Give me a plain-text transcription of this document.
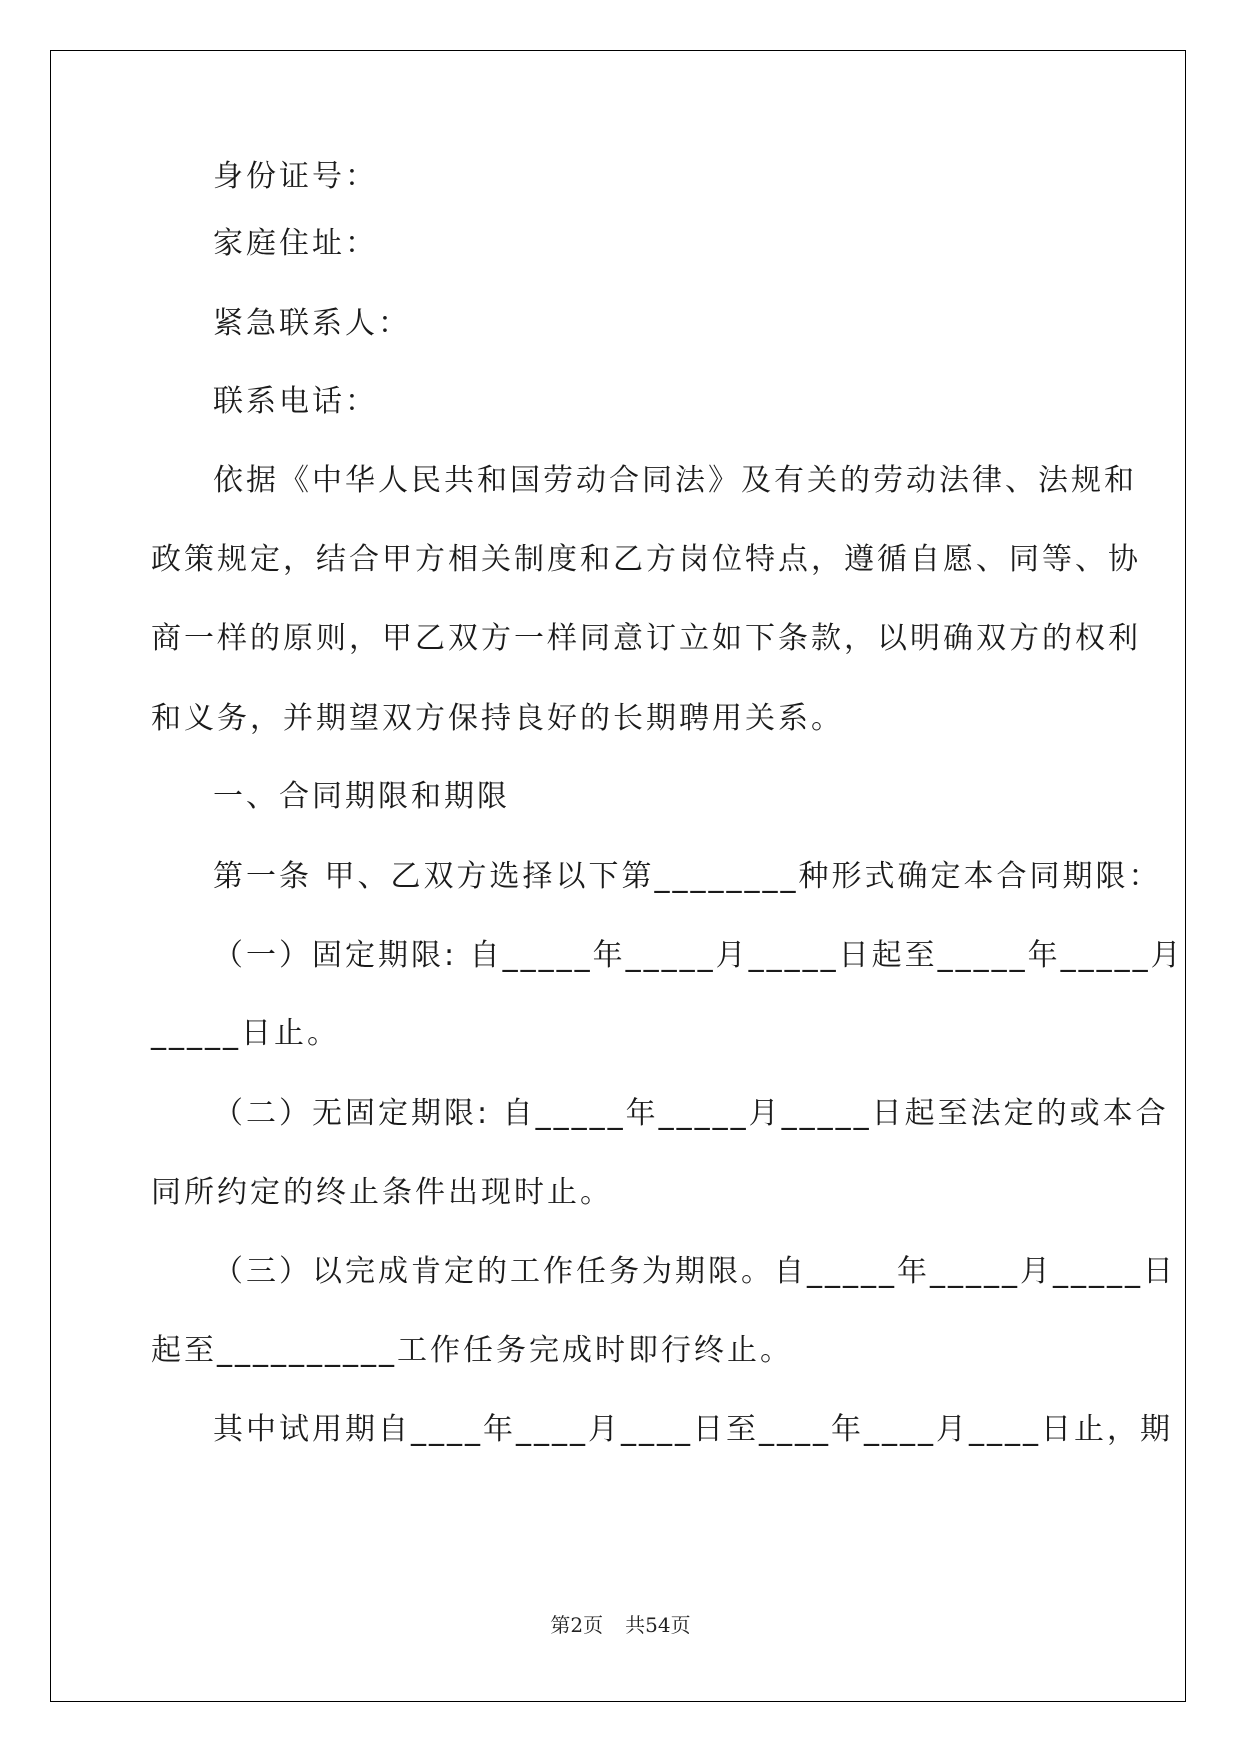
身份证号：
家庭住址：
紧急联系人：
联系电话：
依据《中华人民共和国劳动合同法》及有关的劳动法律、法规和
政策规定，结合甲方相关制度和乙方岗位特点，遵循自愿、同等、协
商一样的原则，甲乙双方一样同意订立如下条款，以明确双方的权利
和义务，并期望双方保持良好的长期聘用关系。
一、合同期限和期限
第一条 甲、乙双方选择以下第________种形式确定本合同期限：
（一）固定期限: 自_____年_____月_____日起至_____年_____月
_____日止。
（二）无固定期限: 自_____年_____月_____日起至法定的或本合
同所约定的终止条件出现时止。
（三）以完成肯定的工作任务为期限。自_____年_____月_____日
起至__________工作任务完成时即行终止。
其中试用期自____年____月____日至____年____月____日止，期
第2页 共54页
